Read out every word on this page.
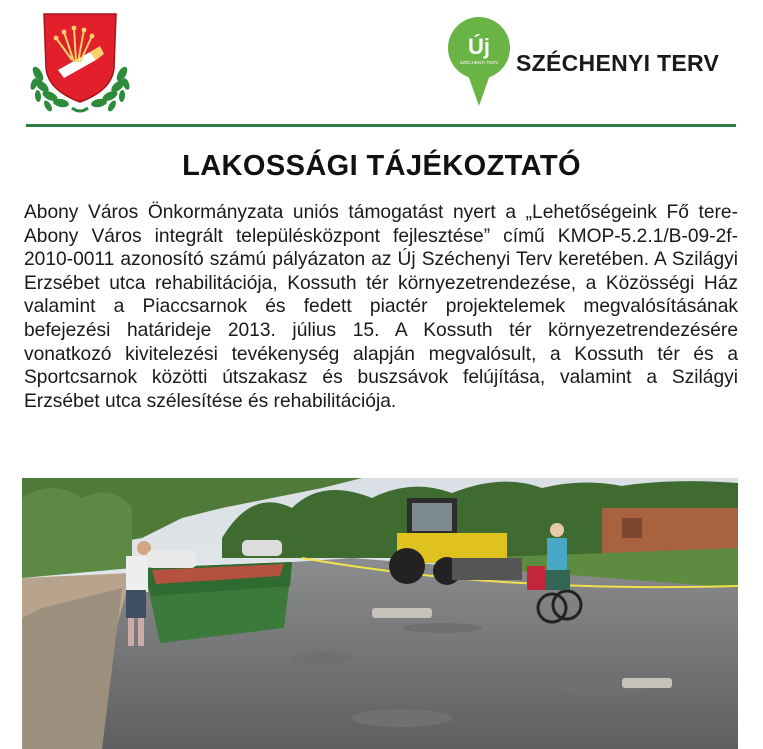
Új
SZÉCHENYI TERV SZÉCHENYI TERV
LAKOSSÁGI TÁJÉKOZTATÓ
Abony Város Önkormányzata uniós támogatást nyert a „Lehetőségeink Fő tere-Abony Város integrált településközpont fejlesztése” című KMOP-5.2.1/B-09-2f-2010-0011 azonosító számú pályázaton az Új Széchenyi Terv keretében. A Szilágyi Erzsébet utca rehabilitációja, Kossuth tér környezetrendezése, a Közösségi Ház valamint a Piaccsarnok és fedett piactér projektelemek megvalósításának befejezési határideje 2013. július 15. A Kossuth tér környezetrendezésére vonatkozó kivitelezési tevékenység alapján megvalósult, a Kossuth tér és a Sportcsarnok közötti útszakasz és buszsávok felújítása, valamint a Szilágyi Erzsébet utca szélesítése és rehabilitációja.
